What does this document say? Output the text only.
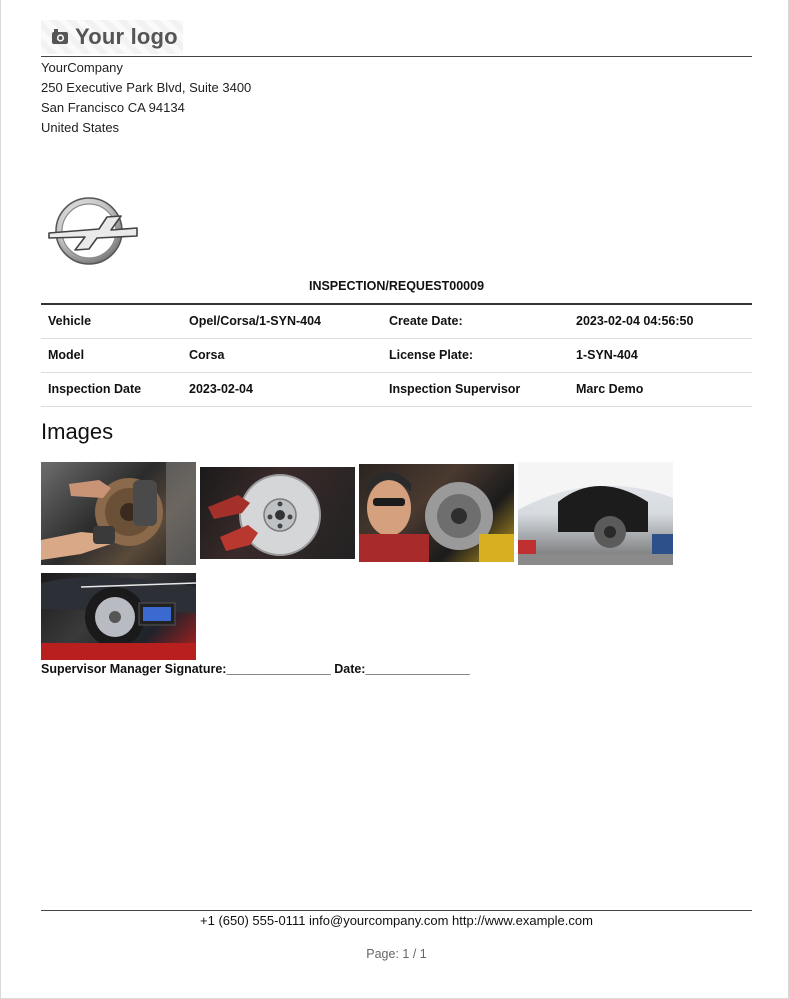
Your logo
YourCompany
250 Executive Park Blvd, Suite 3400
San Francisco CA 94134
United States
INSPECTION/REQUEST00009
Vehicle	Opel/Corsa/1-SYN-404	Create Date:	2023-02-04 04:56:50
Model	Corsa	License Plate:	1-SYN-404
Inspection Date	2023-02-04	Inspection Supervisor	Marc Demo
Images
Supervisor Manager Signature:_______________ Date:_______________
+1 (650) 555-0111 info@yourcompany.com http://www.example.com
Page: 1 / 1
